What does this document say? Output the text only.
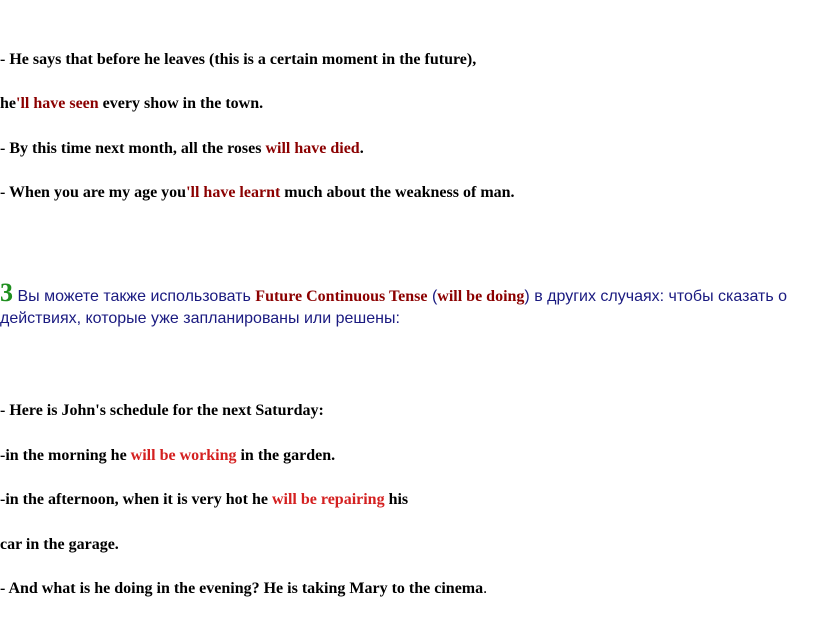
- He says that before he leaves (this is a certain moment in the future),
he'll have seen every show in the town.
- By this time next month, all the roses will have died.
- When you are my age you'll have learnt much about the weakness of man.
3 Вы можете также использовать Future Continuous Tense (will be doing) в других случаях: чтобы сказать о
действиях, которые уже запланированы или решены:
- Here is John's schedule for the next Saturday:
-in the morning he will be working in the garden.
-in the afternoon, when it is very hot he will be repairing his
car in the garage.
- And what is he doing in the evening? He is taking Mary to the cinema.
